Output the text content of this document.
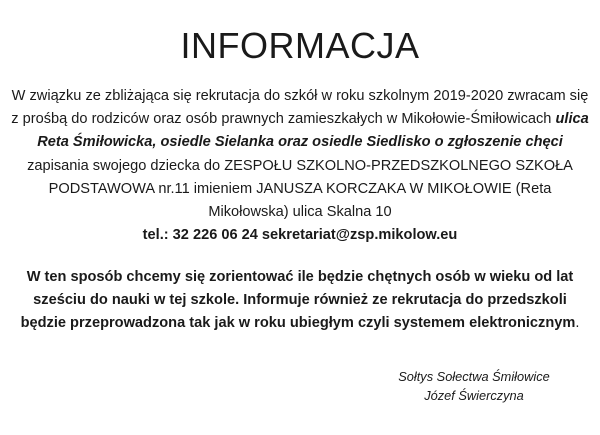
INFORMACJA

W związku ze zbliżająca się rekrutacja do szkół w roku szkolnym 2019-2020 zwracam się z prośbą do rodziców oraz osób prawnych zamieszkałych w Mikołowie-Śmiłowicach ulica Reta Śmiłowicka, osiedle Sielanka oraz osiedle Siedlisko o zgłoszenie chęci zapisania swojego dziecka do ZESPOŁU SZKOLNO-PRZEDSZKOLNEGO SZKOŁA PODSTAWOWA nr.11 imieniem JANUSZA KORCZAKA W MIKOŁOWIE (Reta Mikołowska) ulica Skalna 10
tel.: 32 226 06 24 sekretariat@zsp.mikolow.eu

W ten sposób chcemy się zorientować ile będzie chętnych osób w wieku od lat sześciu do nauki w tej szkole. Informuje również ze rekrutacja do przedszkoli będzie przeprowadzona tak jak w roku ubiegłym czyli systemem elektronicznym.

Sołtys Sołectwa Śmiłowice

Józef Świerczyna
